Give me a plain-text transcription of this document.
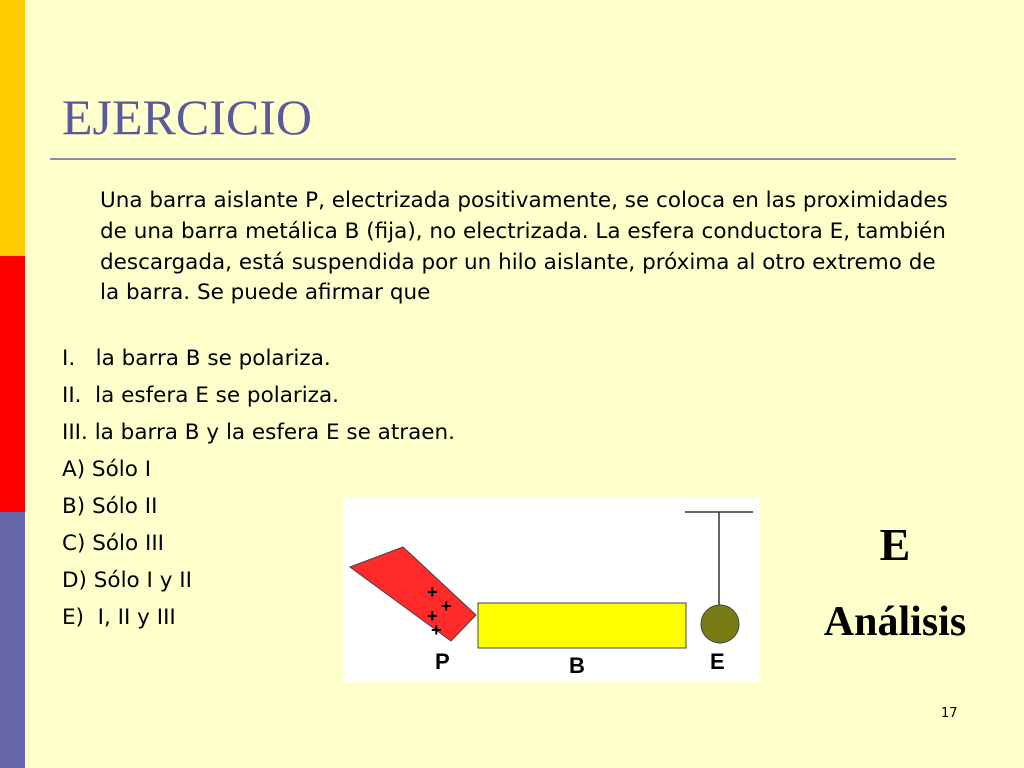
EJERCICIO

Una barra aislante P, electrizada positivamente, se coloca en las proximidades de una barra metálica B (fija), no electrizada. La esfera conductora E, también descargada, está suspendida por un hilo aislante, próxima al otro extremo de la barra. Se puede afirmar que

I.   la barra B se polariza.
II.  la esfera E se polariza.
III. la barra B y la esfera E se atraen.
A) Sólo I
B) Sólo II
C) Sólo III
D) Sólo I y II
E)  I, II y III
+
+
+
+
P	B	E
E
Análisis
17
